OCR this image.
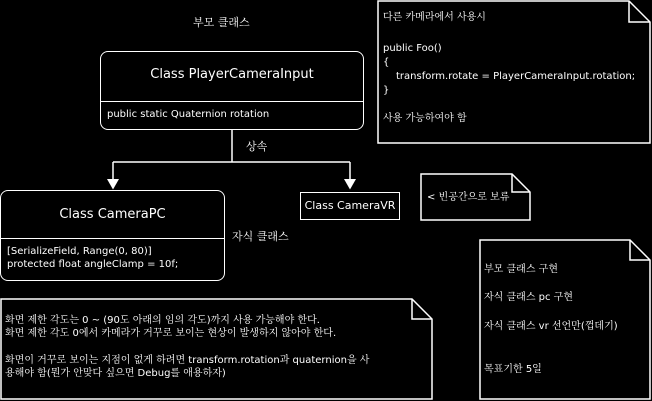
부모 클래스
상속
자식 클래스
Class PlayerCameraInput
public static Quaternion rotation
Class CameraPC
[SerializeField, Range(0, 80)]
protected float angleClamp = 10f;
Class CameraVR
다른 카메라에서 사용시
public Foo()
{
transform.rotate = PlayerCameraInput.rotation;
}
사용 가능하여야 함
< 빈공간으로 보류
부모 클래스 구현
자식 클래스 pc 구현
자식 클래스 vr 선언만(껍데기)
목표기한 5일
화면 제한 각도는 0 ~ (90도 아래의 임의 각도)까지 사용 가능해야 한다.
화면 제한 각도 0에서 카메라가 거꾸로 보이는 현상이 발생하지 않아야 한다.
화면이 거꾸로 보이는 지점이 없게 하려면 transform.rotation과 quaternion을 사
용해야 함(뭔가 안맞다 싶으면 Debug를 애용하자)
